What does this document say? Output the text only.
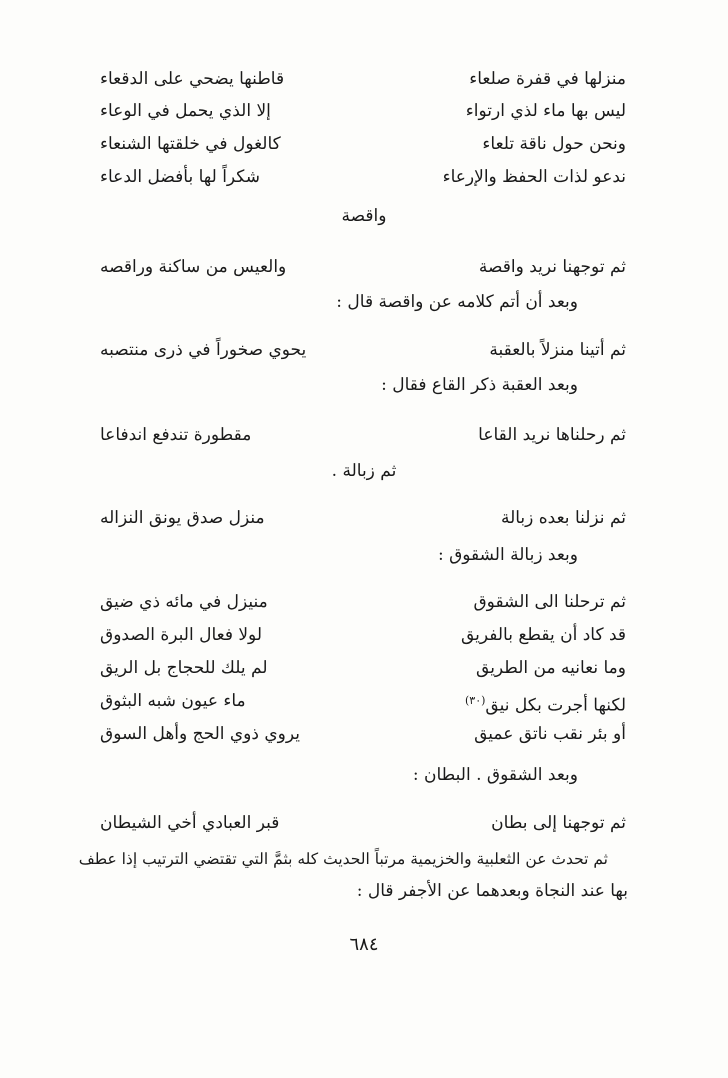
منزلها في قفرة صلعاء
قاطنها يضحي على الدقعاء
ليس بها ماء لذي ارتواء
إلا الذي يحمل في الوعاء
ونحن حول ناقة تلعاء
كالغول في خلقتها الشنعاء
ندعو لذات الحفظ والإرعاء
شكراً لها بأفضل الدعاء
واقصة
ثم توجهنا نريد واقصة
والعيس من ساكنة وراقصه
وبعد أن أتم كلامه عن واقصة قال :
ثم أتينا منزلاً بالعقبة
يحوي صخوراً في ذرى منتصبه
وبعد العقبة ذكر القاع فقال :
ثم رحلناها نريد القاعا
مقطورة تندفع اندفاعا
ثم زبالة .
ثم نزلنا بعده زبالة
منزل صدق يونق النزاله
وبعد زبالة الشقوق :
ثم ترحلنا الى الشقوق
منيزل في مائه ذي ضيق
قد كاد أن يقطع بالفريق
لولا فعال البرة الصدوق
وما نعانيه من الطريق
لم يلك للحجاج بل الريق
لكنها أجرت بكل نيق$^{(٣٠)}$
ماء عيون شبه البثوق
أو بئر نقب ناتق عميق
يروي ذوي الحج وأهل السوق
وبعد الشقوق . البطان :
ثم توجهنا إلى بطان
قبر العبادي أخي الشيطان
ثم تحدث عن الثعلبية والخزيمية مرتباً الحديث كله بثمَّ التي تقتضي الترتيب إذا عطف
بها عند النجاة وبعدهما عن الأجفر قال :
٦٨٤
